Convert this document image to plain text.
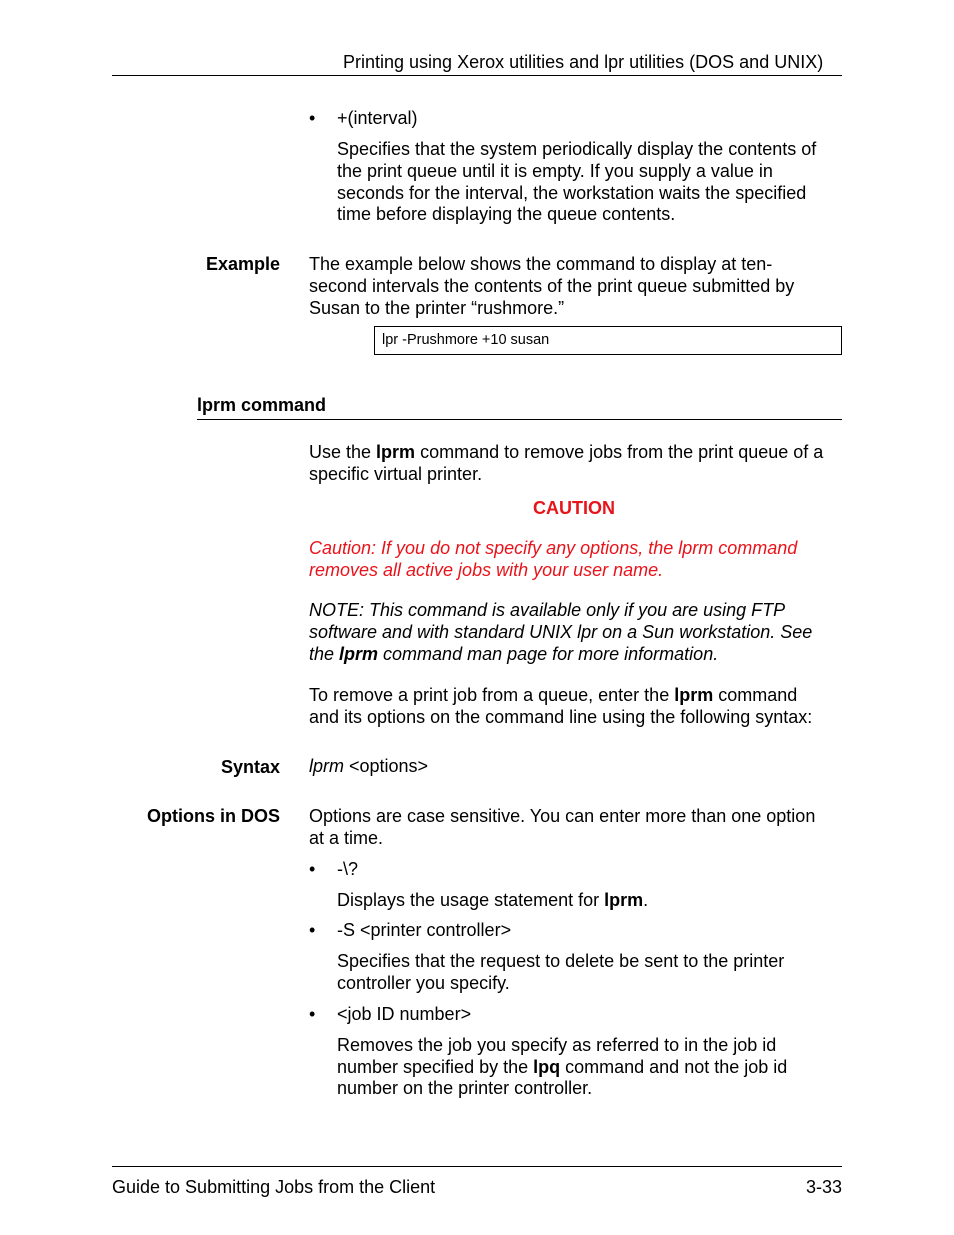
Printing using Xerox utilities and lpr utilities (DOS and UNIX)
•	+(interval)
Specifies that the system periodically display the contents of
the print queue until it is empty. If you supply a value in
seconds for the interval, the workstation waits the specified
time before displaying the queue contents.
Example The example below shows the command to display at ten-
second intervals the contents of the print queue submitted by
Susan to the printer “rushmore.”
lpr -Prushmore +10 susan
lprm command
Use the lprm command to remove jobs from the print queue of a
specific virtual printer.
CAUTION
Caution: If you do not specify any options, the lprm command
removes all active jobs with your user name.
NOTE: This command is available only if you are using FTP
software and with standard UNIX lpr on a Sun workstation. See
the lprm command man page for more information.
To remove a print job from a queue, enter the lprm command
and its options on the command line using the following syntax:
Syntax lprm <options>
Options in DOS Options are case sensitive. You can enter more than one option
at a time.
•	-\?
Displays the usage statement for lprm.
•	-S <printer controller>
Specifies that the request to delete be sent to the printer
controller you specify.
•	<job ID number>
Removes the job you specify as referred to in the job id
number specified by the lpq command and not the job id
number on the printer controller.
Guide to Submitting Jobs from the Client	3-33
